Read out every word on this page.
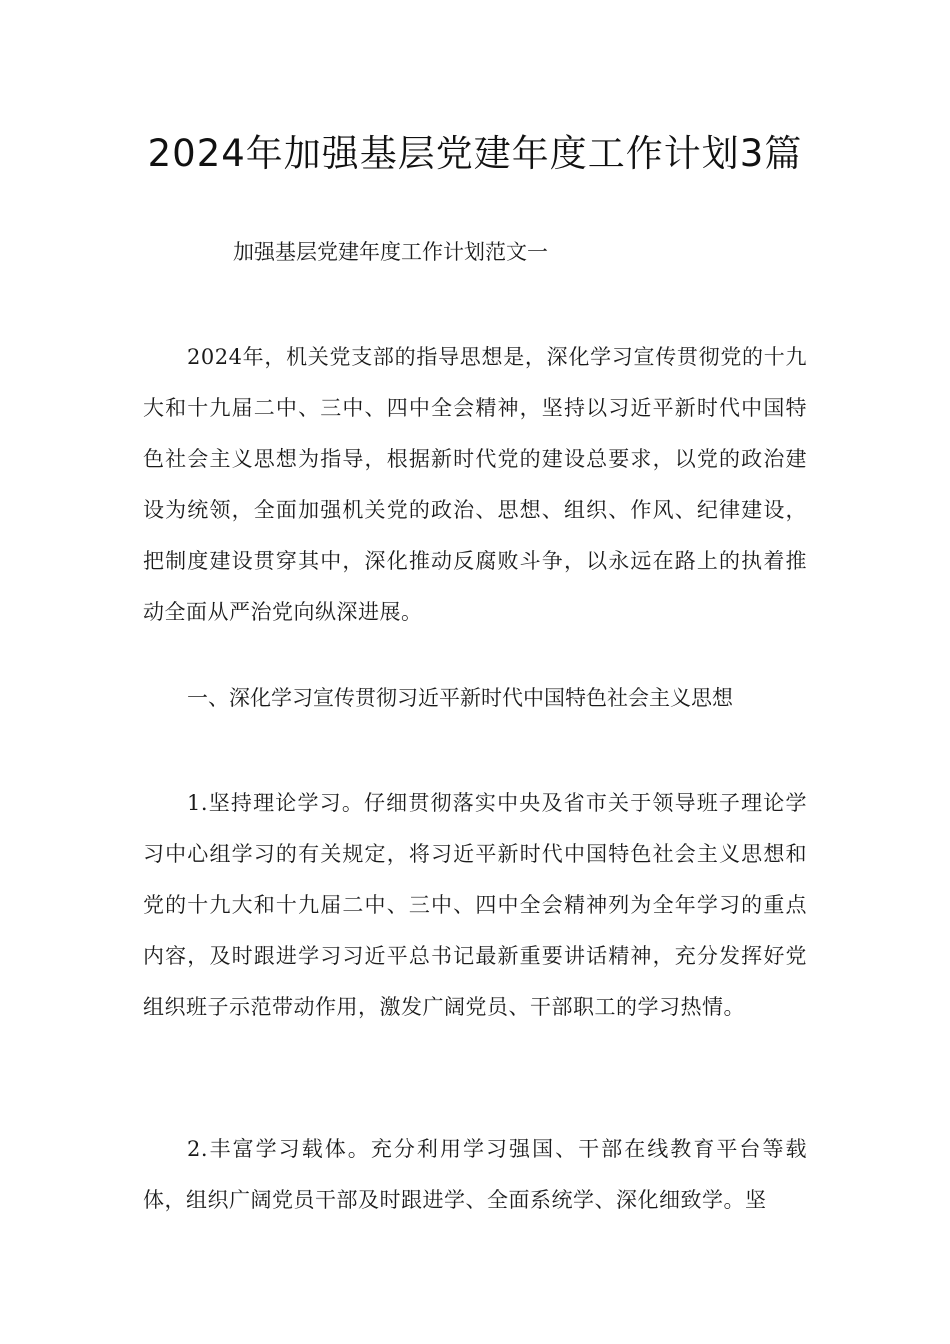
2024年加强基层党建年度工作计划3篇

加强基层党建年度工作计划范文一

2024年，机关党支部的指导思想是，深化学习宣传贯彻党的十九大和十九届二中、三中、四中全会精神，坚持以习近平新时代中国特色社会主义思想为指导，根据新时代党的建设总要求，以党的政治建设为统领，全面加强机关党的政治、思想、组织、作风、纪律建设，把制度建设贯穿其中，深化推动反腐败斗争，以永远在路上的执着推动全面从严治党向纵深进展。

一、深化学习宣传贯彻习近平新时代中国特色社会主义思想

1.坚持理论学习。仔细贯彻落实中央及省市关于领导班子理论学习中心组学习的有关规定，将习近平新时代中国特色社会主义思想和党的十九大和十九届二中、三中、四中全会精神列为全年学习的重点内容，及时跟进学习习近平总书记最新重要讲话精神，充分发挥好党组织班子示范带动作用，激发广阔党员、干部职工的学习热情。

2.丰富学习载体。充分利用学习强国、干部在线教育平台等载体，组织广阔党员干部及时跟进学、全面系统学、深化细致学。坚
